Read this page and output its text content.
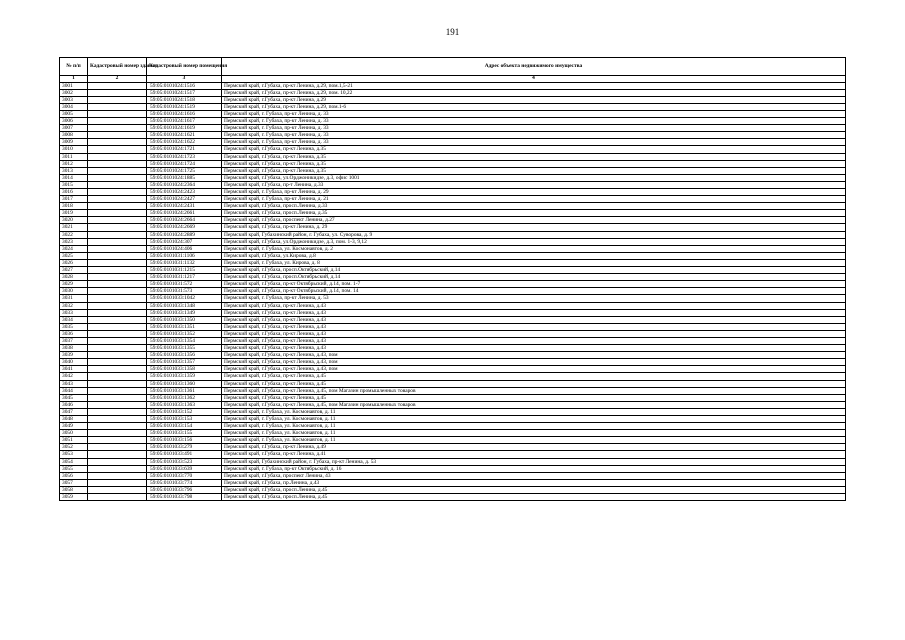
191
№ п/п	Кадастровый номер здания	Кадастровый номер помещения	Адрес объекта недвижимого имущества
1	2	3	4
3001		59:05:0101024:1516	Пермский край, г.Губаха, пр-кт Ленина, д.29, пом.1,5-21
3002		59:05:0101024:1517	Пермский край, г.Губаха, пр-кт Ленина, д.29, пом. 10,22
3003		59:05:0101024:1518	Пермский край, г.Губаха, пр-кт Ленина, д.29
3004		59:05:0101024:1519	Пермский край, г.Губаха, пр-кт Ленина, д.29, пом.1-6
3005		59:05:0101024:1616	Пермский край, г. Губаха, пр-кт Ленина, д. 33
3006		59:05:0101024:1617	Пермский край, г. Губаха, пр-кт Ленина, д. 33
3007		59:05:0101024:1619	Пермский край, г. Губаха, пр-кт Ленина, д. 33
3008		59:05:0101024:1621	Пермский край, г. Губаха, пр-кт Ленина, д. 33
3009		59:05:0101024:1622	Пермский край, г. Губаха, пр-кт Ленина, д. 33
3010		59:05:0101024:1721	Пермский край, г.Губаха, пр-кт Ленина, д.35
3011		59:05:0101024:1723	Пермский край, г.Губаха, пр-кт Ленина, д.35
3012		59:05:0101024:1724	Пермский край, г.Губаха, пр-кт Ленина, д.35
3013		59:05:0101024:1725	Пермский край, г.Губаха, пр-кт Ленина, д.35
3014		59:05:0101024:1885	Пермский край, г.Губаха, ул.Орджоникидзе, д.3, офис 1001
3015		59:05:0101024:2364	Пермский край, г.Губаха, пр-т Ленина, д.33
3016		59:05:0101024:2423	Пермский край, г. Губаха, пр-кт Ленина, д. 29
3017		59:05:0101024:2427	Пермский край, г. Губаха, пр-кт Ленина, д. 21
3018		59:05:0101024:2431	Пермский край, г.Губаха, просп.Ленина, д.33
3019		59:05:0101024:2661	Пермский край, г.Губаха, просп.Ленина, д.35
3020		59:05:0101024:2664	Пермский край, г.Губаха, проспект Ленина, д.27
3021		59:05:0101024:2669	Пермский край, г.Губаха, пр-кт Ленина, д. 29
3022		59:05:0101024:2889	Пермский край, Губахинский район, г. Губаха, ул. Суворова, д. 9
3023		59:05:0101024:307	Пермский край, г.Губаха, ул.Орджоникидзе, д.3, пом. 1-3, 9,12
3024		59:05:0101024:406	Пермский край, г. Губаха, ул. Космонавтов, д. 2
3025		59:05:0101031:1106	Пермский край, г.Губаха, ул.Кирова, д.8
3026		59:05:0101031:1132	Пермский край, г. Губаха, ул. Кирова, д. 8
3027		59:05:0101031:1215	Пермский край, г.Губаха, просп.Октябрьский, д.14
3028		59:05:0101031:1217	Пермский край, г.Губаха, просп.Октябрьский, д.14
3029		59:05:0101031:572	Пермский край, г.Губаха, пр-кт Октябрьский, д.14, пом. 1-7
3030		59:05:0101031:573	Пермский край, г.Губаха, пр-кт Октябрьский, д.14, пом. 14
3031		59:05:0101033:1042	Пермский край, г. Губаха, пр-кт Ленина, д. 53
3032		59:05:0101033:1348	Пермский край, г.Губаха, пр-кт Ленина, д.43
3033		59:05:0101033:1349	Пермский край, г.Губаха, пр-кт Ленина, д.43
3034		59:05:0101033:1350	Пермский край, г.Губаха, пр-кт Ленина, д.43
3035		59:05:0101033:1351	Пермский край, г.Губаха, пр-кт Ленина, д.43
3036		59:05:0101033:1352	Пермский край, г.Губаха, пр-кт Ленина, д.43
3037		59:05:0101033:1354	Пермский край, г.Губаха, пр-кт Ленина, д.43
3038		59:05:0101033:1355	Пермский край, г.Губаха, пр-кт Ленина, д.43
3039		59:05:0101033:1356	Пермский край, г.Губаха, пр-кт Ленина, д.43, пом
3040		59:05:0101033:1357	Пермский край, г.Губаха, пр-кт Ленина, д.43, пом
3041		59:05:0101033:1358	Пермский край, г.Губаха, пр-кт Ленина, д.43, пом
3042		59:05:0101033:1359	Пермский край, г.Губаха, пр-кт Ленина, д.45
3043		59:05:0101033:1360	Пермский край, г.Губаха, пр-кт Ленина, д.45
3044		59:05:0101033:1361	Пермский край, г.Губаха, пр-кт Ленина, д.45, пом Магазин промышленных товаров
3045		59:05:0101033:1362	Пермский край, г.Губаха, пр-кт Ленина, д.45
3046		59:05:0101033:1363	Пермский край, г.Губаха, пр-кт Ленина, д.45, пом Магазин промышленных товаров
3047		59:05:0101033:152	Пермский край, г. Губаха, ул. Космонавтов, д. 11
3048		59:05:0101033:153	Пермский край, г. Губаха, ул. Космонавтов, д. 11
3049		59:05:0101033:154	Пермский край, г. Губаха, ул. Космонавтов, д. 11
3050		59:05:0101033:155	Пермский край, г. Губаха, ул. Космонавтов, д. 11
3051		59:05:0101033:156	Пермский край, г. Губаха, ул. Космонавтов, д. 11
3052		59:05:0101033:279	Пермский край, г.Губаха, пр-кт Ленина, д.49
3053		59:05:0101033:491	Пермский край, г.Губаха, пр-кт Ленина, д.41
3054		59:05:0101033:523	Пермский край, Губахинский район, г. Губаха, пр-кт Ленина, д. 53
3055		59:05:0101033:639	Пермский край, г. Губаха, пр-кт Октябрьский, д. 16
3056		59:05:0101033:770	Пермский край, г.Губаха, проспект Ленина, 43
3057		59:05:0101033:774	Пермский край, г.Губаха, пр.Ленина, д.43
3058		59:05:0101033:796	Пермский край, г.Губаха, просп.Ленина, д.45
3059		59:05:0101033:798	Пермский край, г.Губаха, просп.Ленина, д.45
